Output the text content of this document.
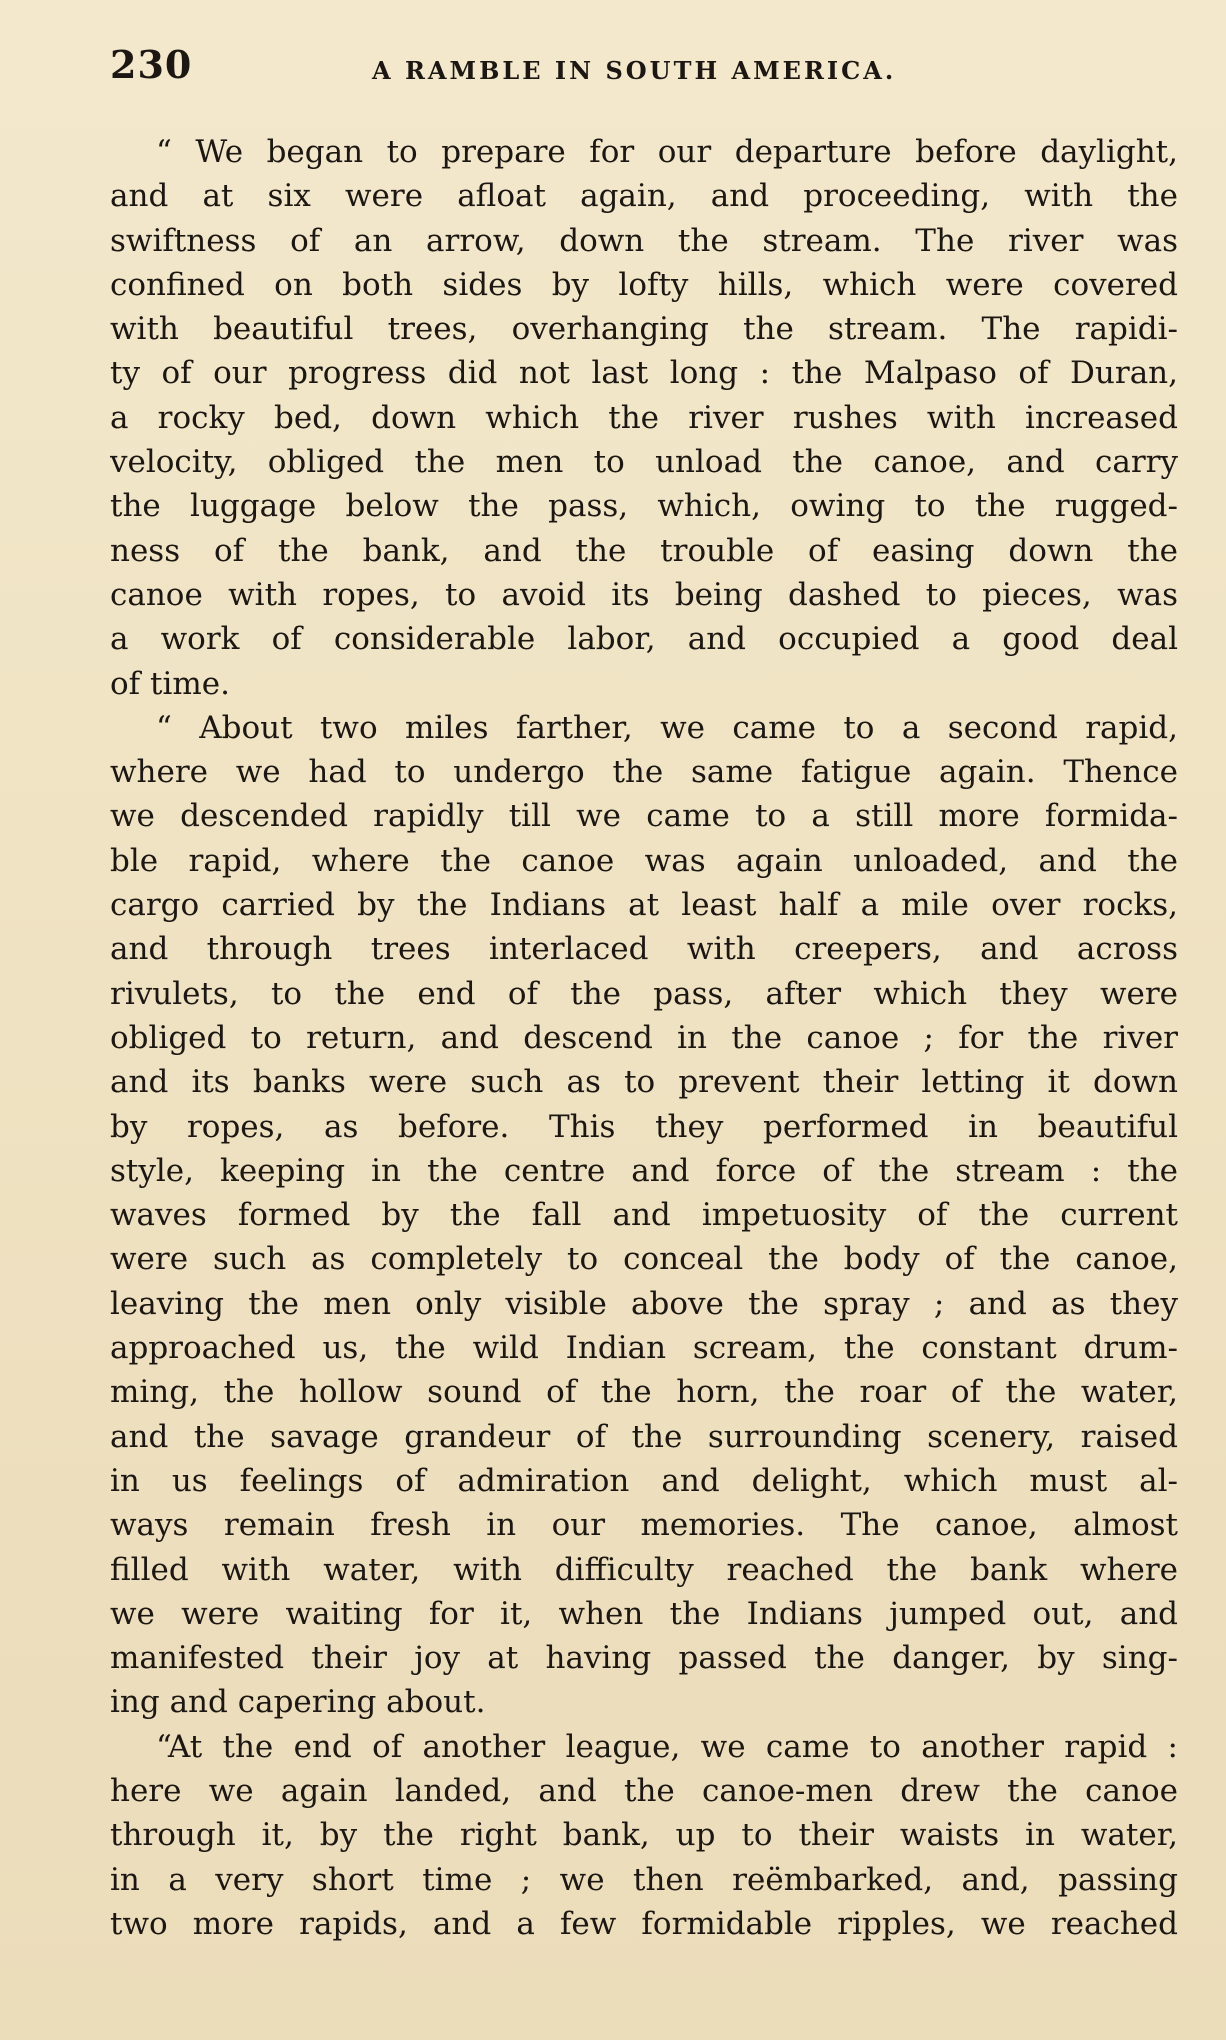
230	A RAMBLE IN SOUTH AMERICA.
“ We began to prepare for our departure before daylight,
and at six were afloat again, and proceeding, with the
swiftness of an arrow, down the stream. The river was
confined on both sides by lofty hills, which were covered
with beautiful trees, overhanging the stream. The rapidi-
ty of our progress did not last long : the Malpaso of Duran,
a rocky bed, down which the river rushes with increased
velocity, obliged the men to unload the canoe, and carry
the luggage below the pass, which, owing to the rugged-
ness of the bank, and the trouble of easing down the
canoe with ropes, to avoid its being dashed to pieces, was
a work of considerable labor, and occupied a good deal
of time.
“ About two miles farther, we came to a second rapid,
where we had to undergo the same fatigue again. Thence
we descended rapidly till we came to a still more formida-
ble rapid, where the canoe was again unloaded, and the
cargo carried by the Indians at least half a mile over rocks,
and through trees interlaced with creepers, and across
rivulets, to the end of the pass, after which they were
obliged to return, and descend in the canoe ; for the river
and its banks were such as to prevent their letting it down
by ropes, as before. This they performed in beautiful
style, keeping in the centre and force of the stream : the
waves formed by the fall and impetuosity of the current
were such as completely to conceal the body of the canoe,
leaving the men only visible above the spray ; and as they
approached us, the wild Indian scream, the constant drum-
ming, the hollow sound of the horn, the roar of the water,
and the savage grandeur of the surrounding scenery, raised
in us feelings of admiration and delight, which must al-
ways remain fresh in our memories. The canoe, almost
filled with water, with difficulty reached the bank where
we were waiting for it, when the Indians jumped out, and
manifested their joy at having passed the danger, by sing-
ing and capering about.
“At the end of another league, we came to another rapid :
here we again landed, and the canoe-men drew the canoe
through it, by the right bank, up to their waists in water,
in a very short time ; we then reëmbarked, and, passing
two more rapids, and a few formidable ripples, we reached
